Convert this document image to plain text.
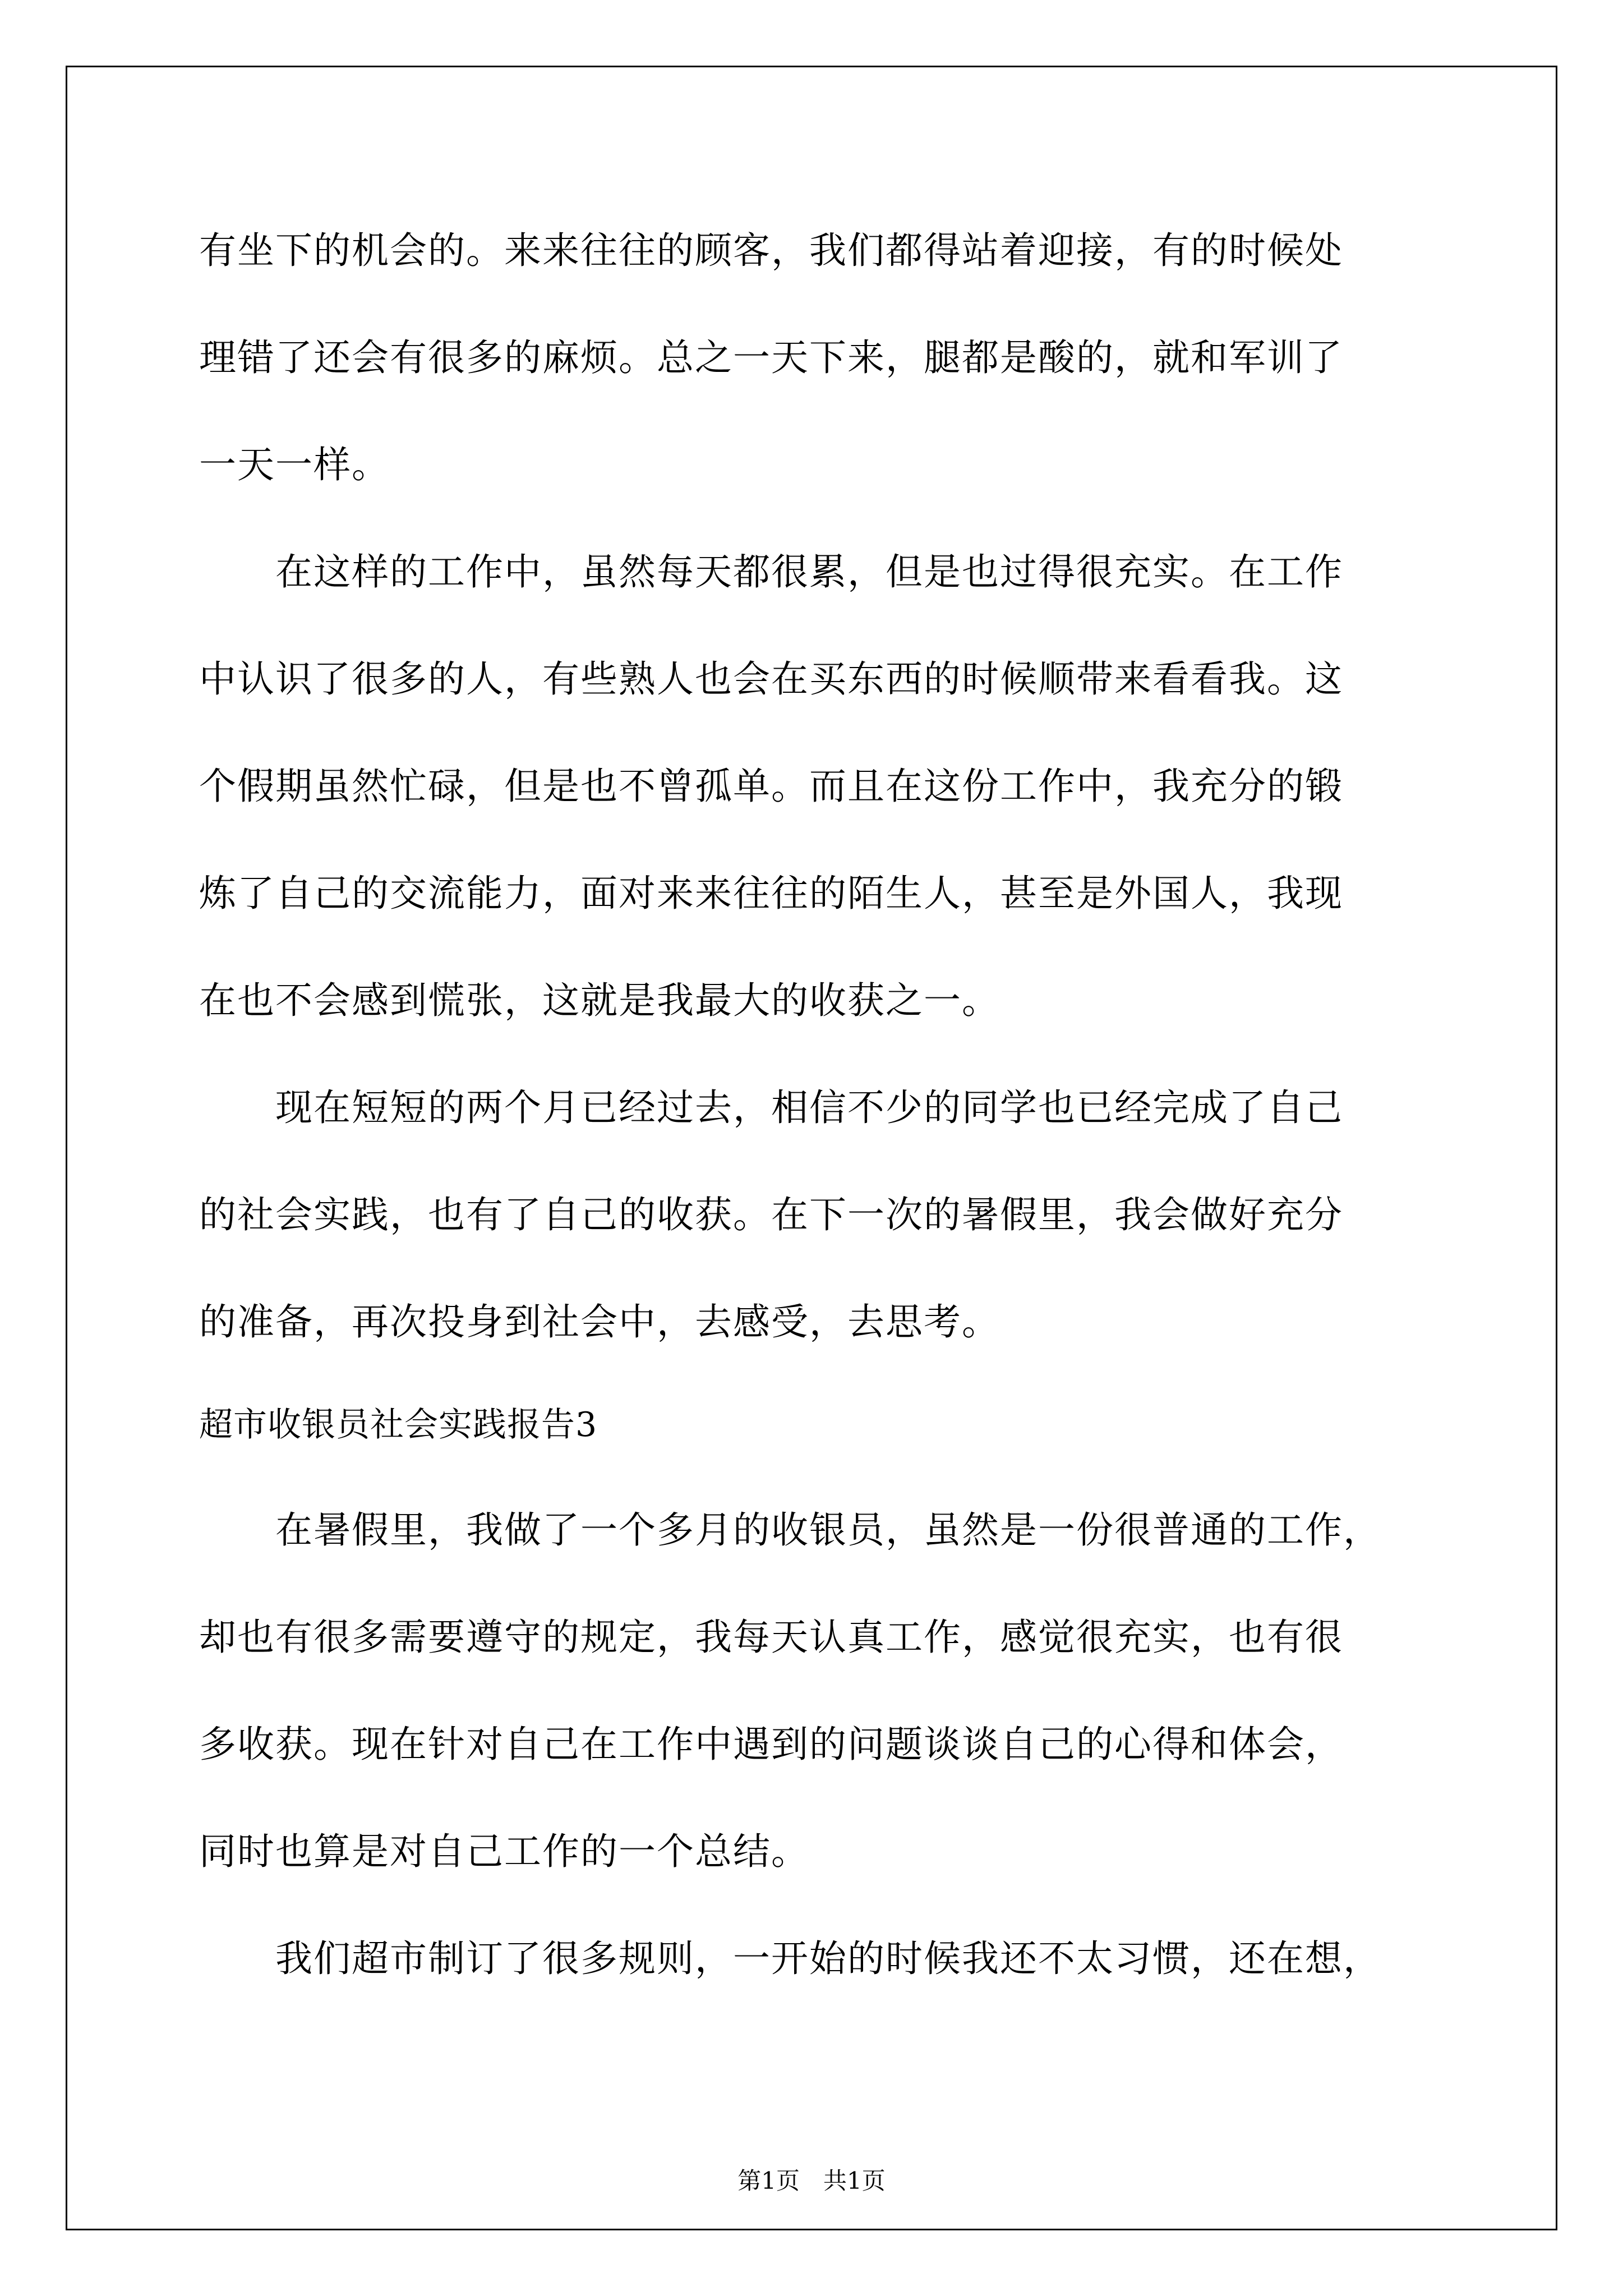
有坐下的机会的。来来往往的顾客，我们都得站着迎接，有的时候处
理错了还会有很多的麻烦。总之一天下来，腿都是酸的，就和军训了
一天一样。
　　在这样的工作中，虽然每天都很累，但是也过得很充实。在工作
中认识了很多的人，有些熟人也会在买东西的时候顺带来看看我。这
个假期虽然忙碌，但是也不曾孤单。而且在这份工作中，我充分的锻
炼了自己的交流能力，面对来来往往的陌生人，甚至是外国人，我现
在也不会感到慌张，这就是我最大的收获之一。
　　现在短短的两个月已经过去，相信不少的同学也已经完成了自己
的社会实践，也有了自己的收获。在下一次的暑假里，我会做好充分
的准备，再次投身到社会中，去感受，去思考。
超市收银员社会实践报告3
　　在暑假里，我做了一个多月的收银员，虽然是一份很普通的工作，
却也有很多需要遵守的规定，我每天认真工作，感觉很充实，也有很
多收获。现在针对自己在工作中遇到的问题谈谈自己的心得和体会，
同时也算是对自己工作的一个总结。
　　我们超市制订了很多规则，一开始的时候我还不太习惯，还在想，
第1页　共1页
